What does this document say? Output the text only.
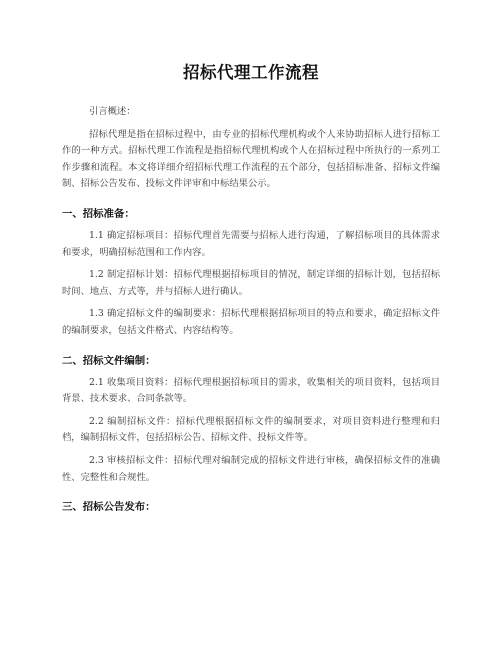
招标代理工作流程

引言概述：

招标代理是指在招标过程中，由专业的招标代理机构或个人来协助招标人进行招标工作的一种方式。招标代理工作流程是指招标代理机构或个人在招标过程中所执行的一系列工作步骤和流程。本文将详细介绍招标代理工作流程的五个部分，包括招标准备、招标文件编制、招标公告发布、投标文件评审和中标结果公示。

一、招标准备：

1.1 确定招标项目：招标代理首先需要与招标人进行沟通，了解招标项目的具体需求和要求，明确招标范围和工作内容。

1.2 制定招标计划：招标代理根据招标项目的情况，制定详细的招标计划，包括招标时间、地点、方式等，并与招标人进行确认。

1.3 确定招标文件的编制要求：招标代理根据招标项目的特点和要求，确定招标文件的编制要求，包括文件格式、内容结构等。

二、招标文件编制：

2.1 收集项目资料：招标代理根据招标项目的需求，收集相关的项目资料，包括项目背景、技术要求、合同条款等。

2.2 编制招标文件：招标代理根据招标文件的编制要求，对项目资料进行整理和归档，编制招标文件，包括招标公告、招标文件、投标文件等。

2.3 审核招标文件：招标代理对编制完成的招标文件进行审核，确保招标文件的准确性、完整性和合规性。

三、招标公告发布：
